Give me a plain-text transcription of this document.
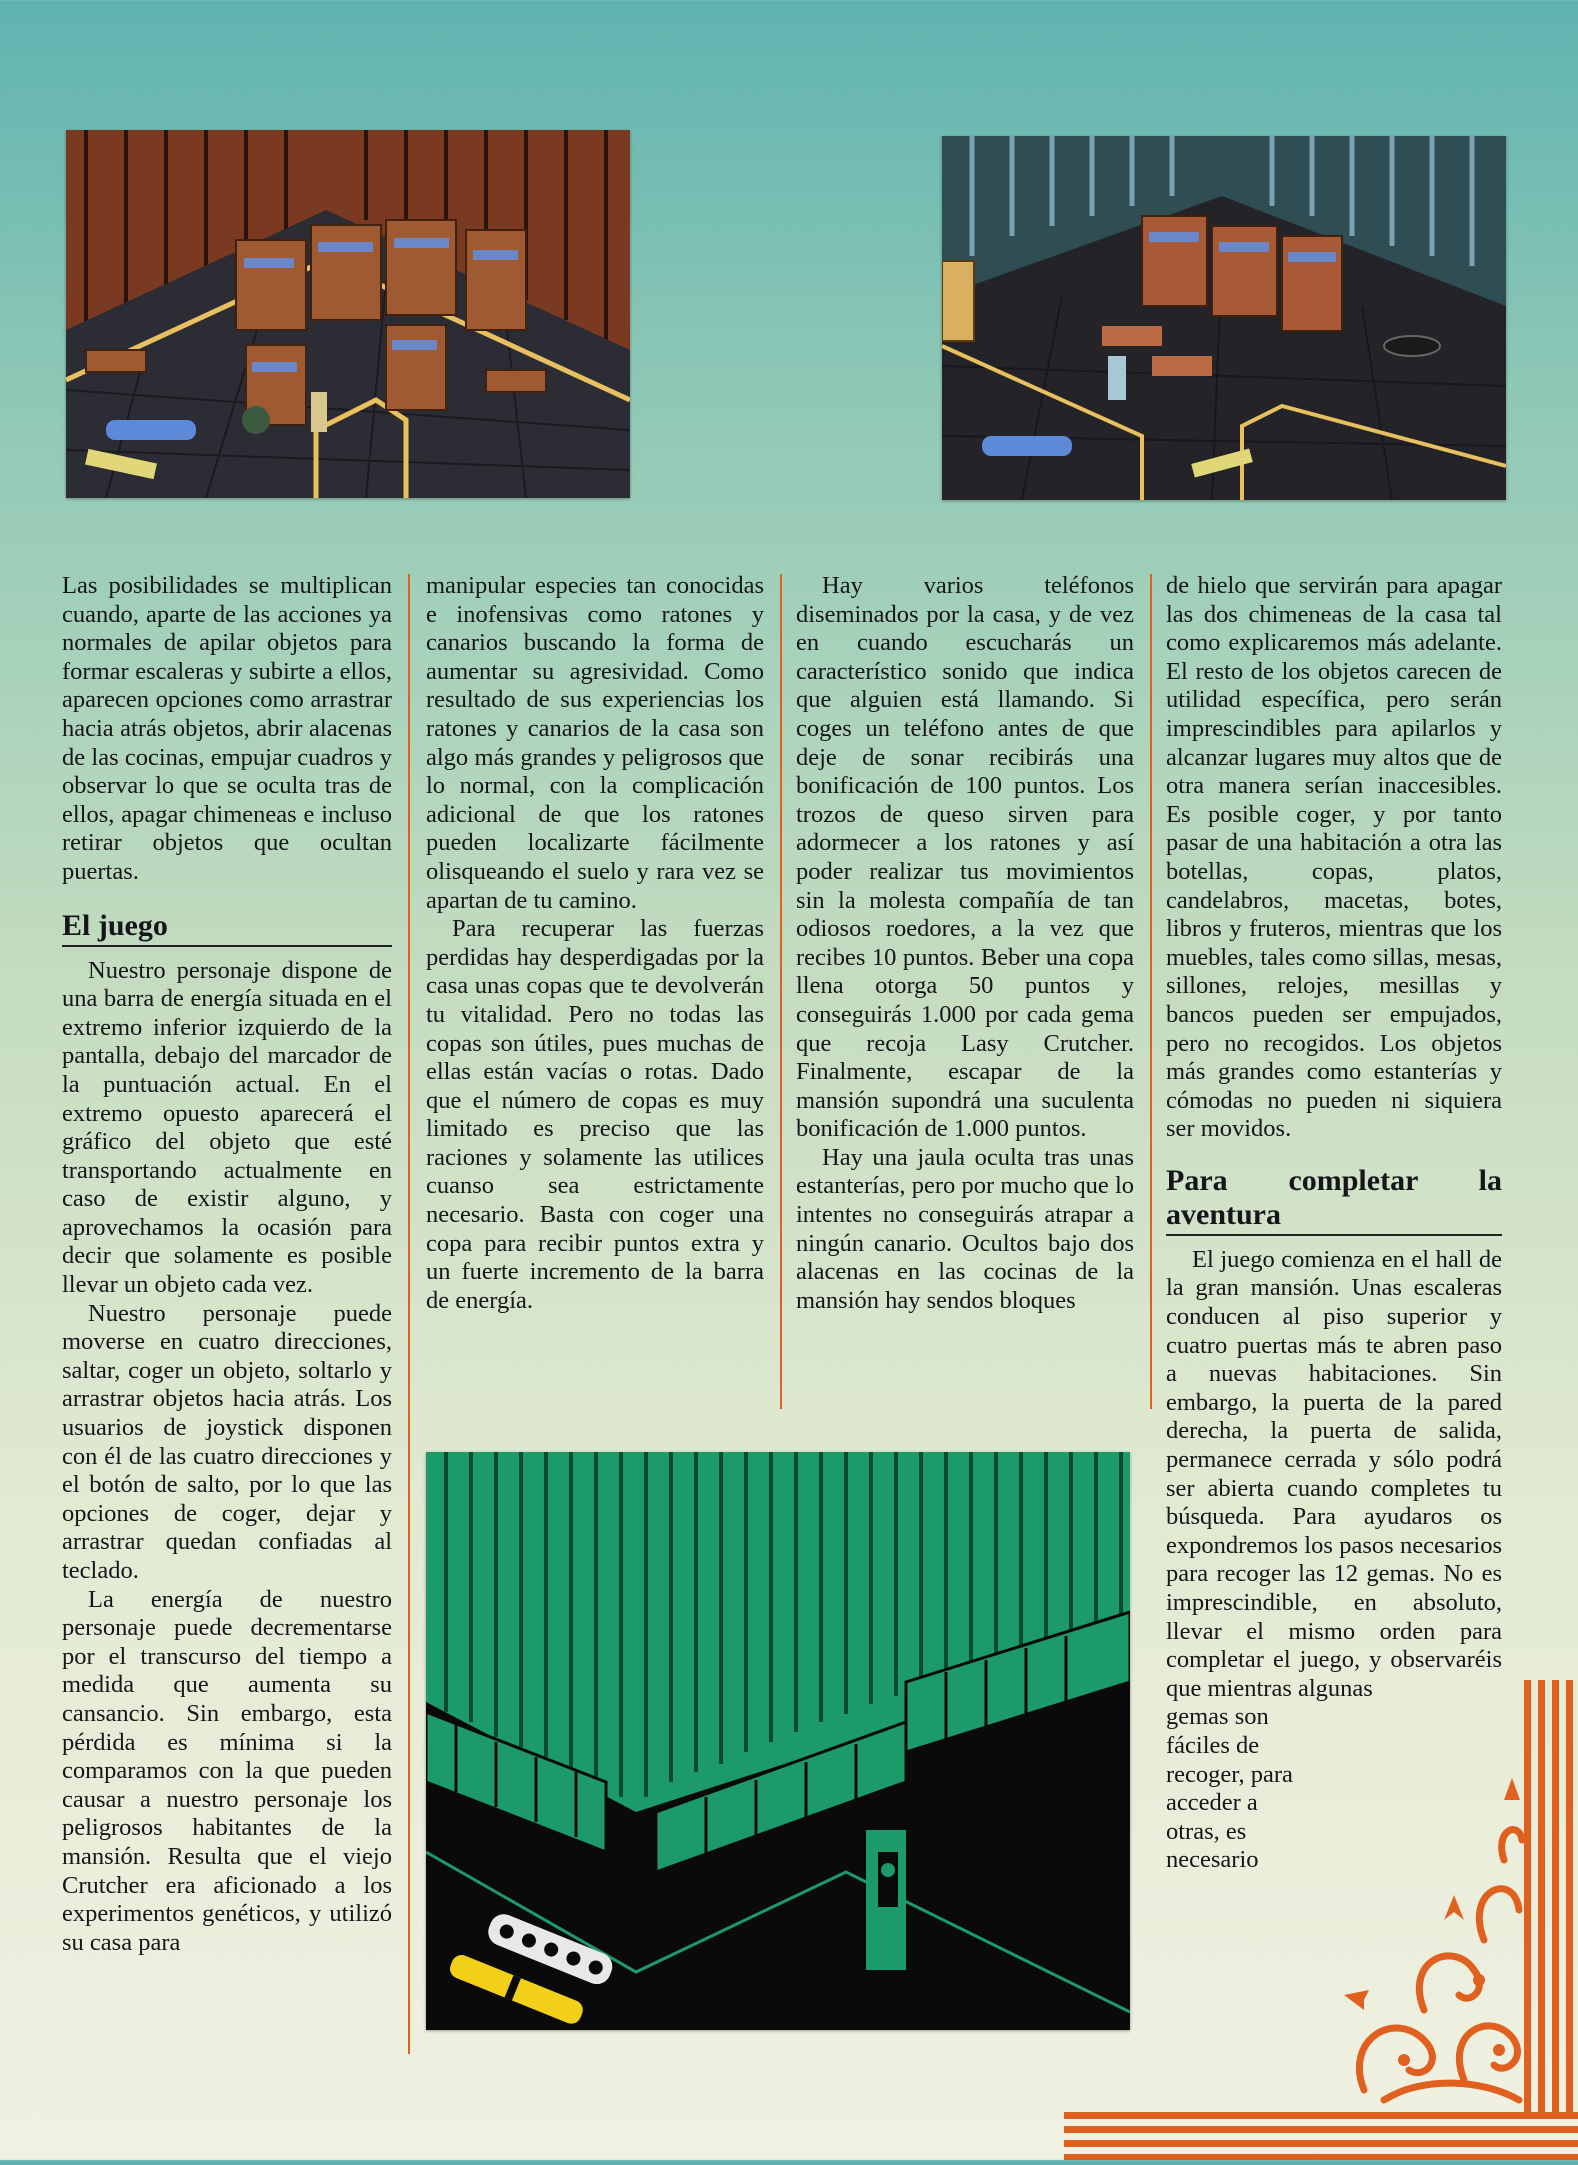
Las posibilidades se multiplican cuando, aparte de las acciones ya normales de apilar objetos para formar escaleras y subirte a ellos, aparecen opciones como arrastrar hacia atrás objetos, abrir alacenas de las cocinas, empujar cuadros y observar lo que se oculta tras de ellos, apagar chimeneas e incluso retirar objetos que ocultan puertas.

El juego

Nuestro personaje dispone de una barra de energía situada en el extremo inferior izquierdo de la pantalla, debajo del marcador de la puntuación actual. En el extremo opuesto aparecerá el gráfico del objeto que esté transportando actualmente en caso de existir alguno, y aprovechamos la ocasión para decir que solamente es posible llevar un objeto cada vez.

Nuestro personaje puede moverse en cuatro direcciones, saltar, coger un objeto, soltarlo y arrastrar objetos hacia atrás. Los usuarios de joystick disponen con él de las cuatro direcciones y el botón de salto, por lo que las opciones de coger, dejar y arrastrar quedan confiadas al teclado.

La energía de nuestro personaje puede decrementarse por el transcurso del tiempo a medida que aumenta su cansancio. Sin embargo, esta pérdida es mínima si la comparamos con la que pueden causar a nuestro personaje los peligrosos habitantes de la mansión. Resulta que el viejo Crutcher era aficionado a los experimentos genéticos, y utilizó su casa para

manipular especies tan conocidas e inofensivas como ratones y canarios buscando la forma de aumentar su agresividad. Como resultado de sus experiencias los ratones y canarios de la casa son algo más grandes y peligrosos que lo normal, con la complicación adicional de que los ratones pueden localizarte fácilmente olisqueando el suelo y rara vez se apartan de tu camino.

Para recuperar las fuerzas perdidas hay desperdigadas por la casa unas copas que te devolverán tu vitalidad. Pero no todas las copas son útiles, pues muchas de ellas están vacías o rotas. Dado que el número de copas es muy limitado es preciso que las raciones y solamente las utilices cuanso sea estrictamente necesario. Basta con coger una copa para recibir puntos extra y un fuerte incremento de la barra de energía.

Hay varios teléfonos diseminados por la casa, y de vez en cuando escucharás un característico sonido que indica que alguien está llamando. Si coges un teléfono antes de que deje de sonar recibirás una bonificación de 100 puntos. Los trozos de queso sirven para adormecer a los ratones y así poder realizar tus movimientos sin la molesta compañía de tan odiosos roedores, a la vez que recibes 10 puntos. Beber una copa llena otorga 50 puntos y conseguirás 1.000 por cada gema que recoja Lasy Crutcher. Finalmente, escapar de la mansión supondrá una suculenta bonificación de 1.000 puntos.

Hay una jaula oculta tras unas estanterías, pero por mucho que lo intentes no conseguirás atrapar a ningún canario. Ocultos bajo dos alacenas en las cocinas de la mansión hay sendos bloques

de hielo que servirán para apagar las dos chimeneas de la casa tal como explicaremos más adelante. El resto de los objetos carecen de utilidad específica, pero serán imprescindibles para apilarlos y alcanzar lugares muy altos que de otra manera serían inaccesibles. Es posible coger, y por tanto pasar de una habitación a otra las botellas, copas, platos, candelabros, macetas, botes, libros y fruteros, mientras que los muebles, tales como sillas, mesas, sillones, relojes, mesillas y bancos pueden ser empujados, pero no recogidos. Los objetos más grandes como estanterías y cómodas no pueden ni siquiera ser movidos.

Para completar la aventura

El juego comienza en el hall de la gran mansión. Unas escaleras conducen al piso superior y cuatro puertas más te abren paso a nuevas habitaciones. Sin embargo, la puerta de la pared derecha, la puerta de salida, permanece cerrada y sólo podrá ser abierta cuando completes tu búsqueda. Para ayudaros os expondremos los pasos necesarios para recoger las 12 gemas. No es imprescindible, en absoluto, llevar el mismo orden para completar el juego, y observaréis que mientras algunas

gemas son fáciles de recoger, para acceder a otras, es necesario
